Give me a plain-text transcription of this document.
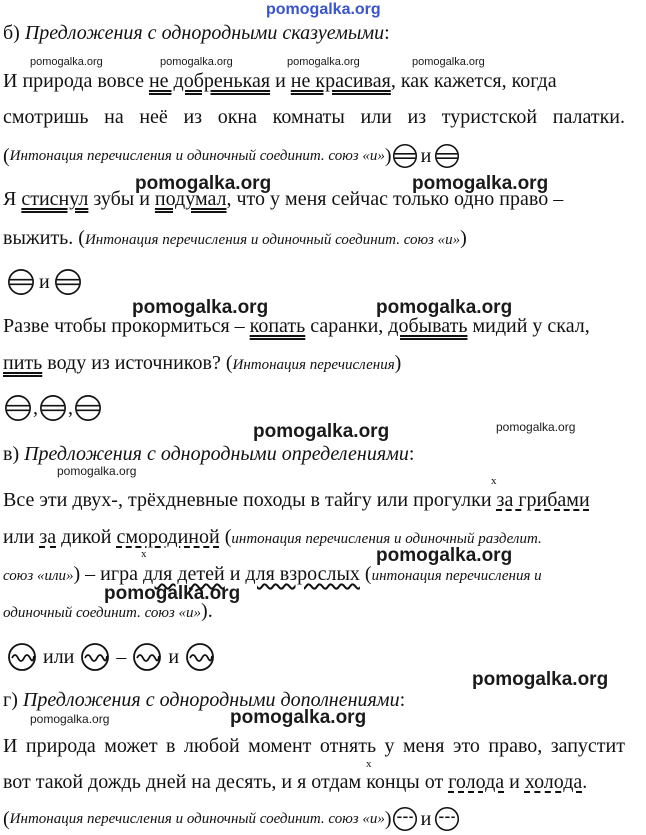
pomogalka.org
pomogalka.org	pomogalka.org	pomogalka.org	pomogalka.org
pomogalka.org	pomogalka.org
pomogalka.org	pomogalka.org
pomogalka.org	pomogalka.org
pomogalka.org
pomogalka.org
pomogalka.org
pomogalka.org
pomogalka.org	pomogalka.org
б) Предложения с однородными сказуемыми:
И природа вовсе не добренькая и не красивая, как кажется, когда
смотришь на неё из окна комнаты или из туристской палатки.
( Интонация перечисления и одиночный соединит. союз «и» ) и
Я стиснул зубы и подумал, что у меня сейчас только одно право –
выжить. (Интонация перечисления и одиночный соединит. союз «и»)
и
Разве чтобы прокормиться – копать саранки, добывать мидий у скал,
пить воду из источников? (Интонация перечисления)
, ,
в) Предложения с однородными определениями:
х
Все эти двух-, трёхдневные походы в тайгу или прогулки за грибами
или за дикой смородиной (интонация перечисления и одиночный разделит.
х
союз «или») – игра для детей и для взрослых (интонация перечисления и
одиночный соединит. союз «и»).
или – и
г) Предложения с однородными дополнениями:
И природа может в любой момент отнять у меня это право, запустит
х
вот такой дождь дней на десять, и я отдам концы от голода и холода.
( Интонация перечисления и одиночный соединит. союз «и» ) и
